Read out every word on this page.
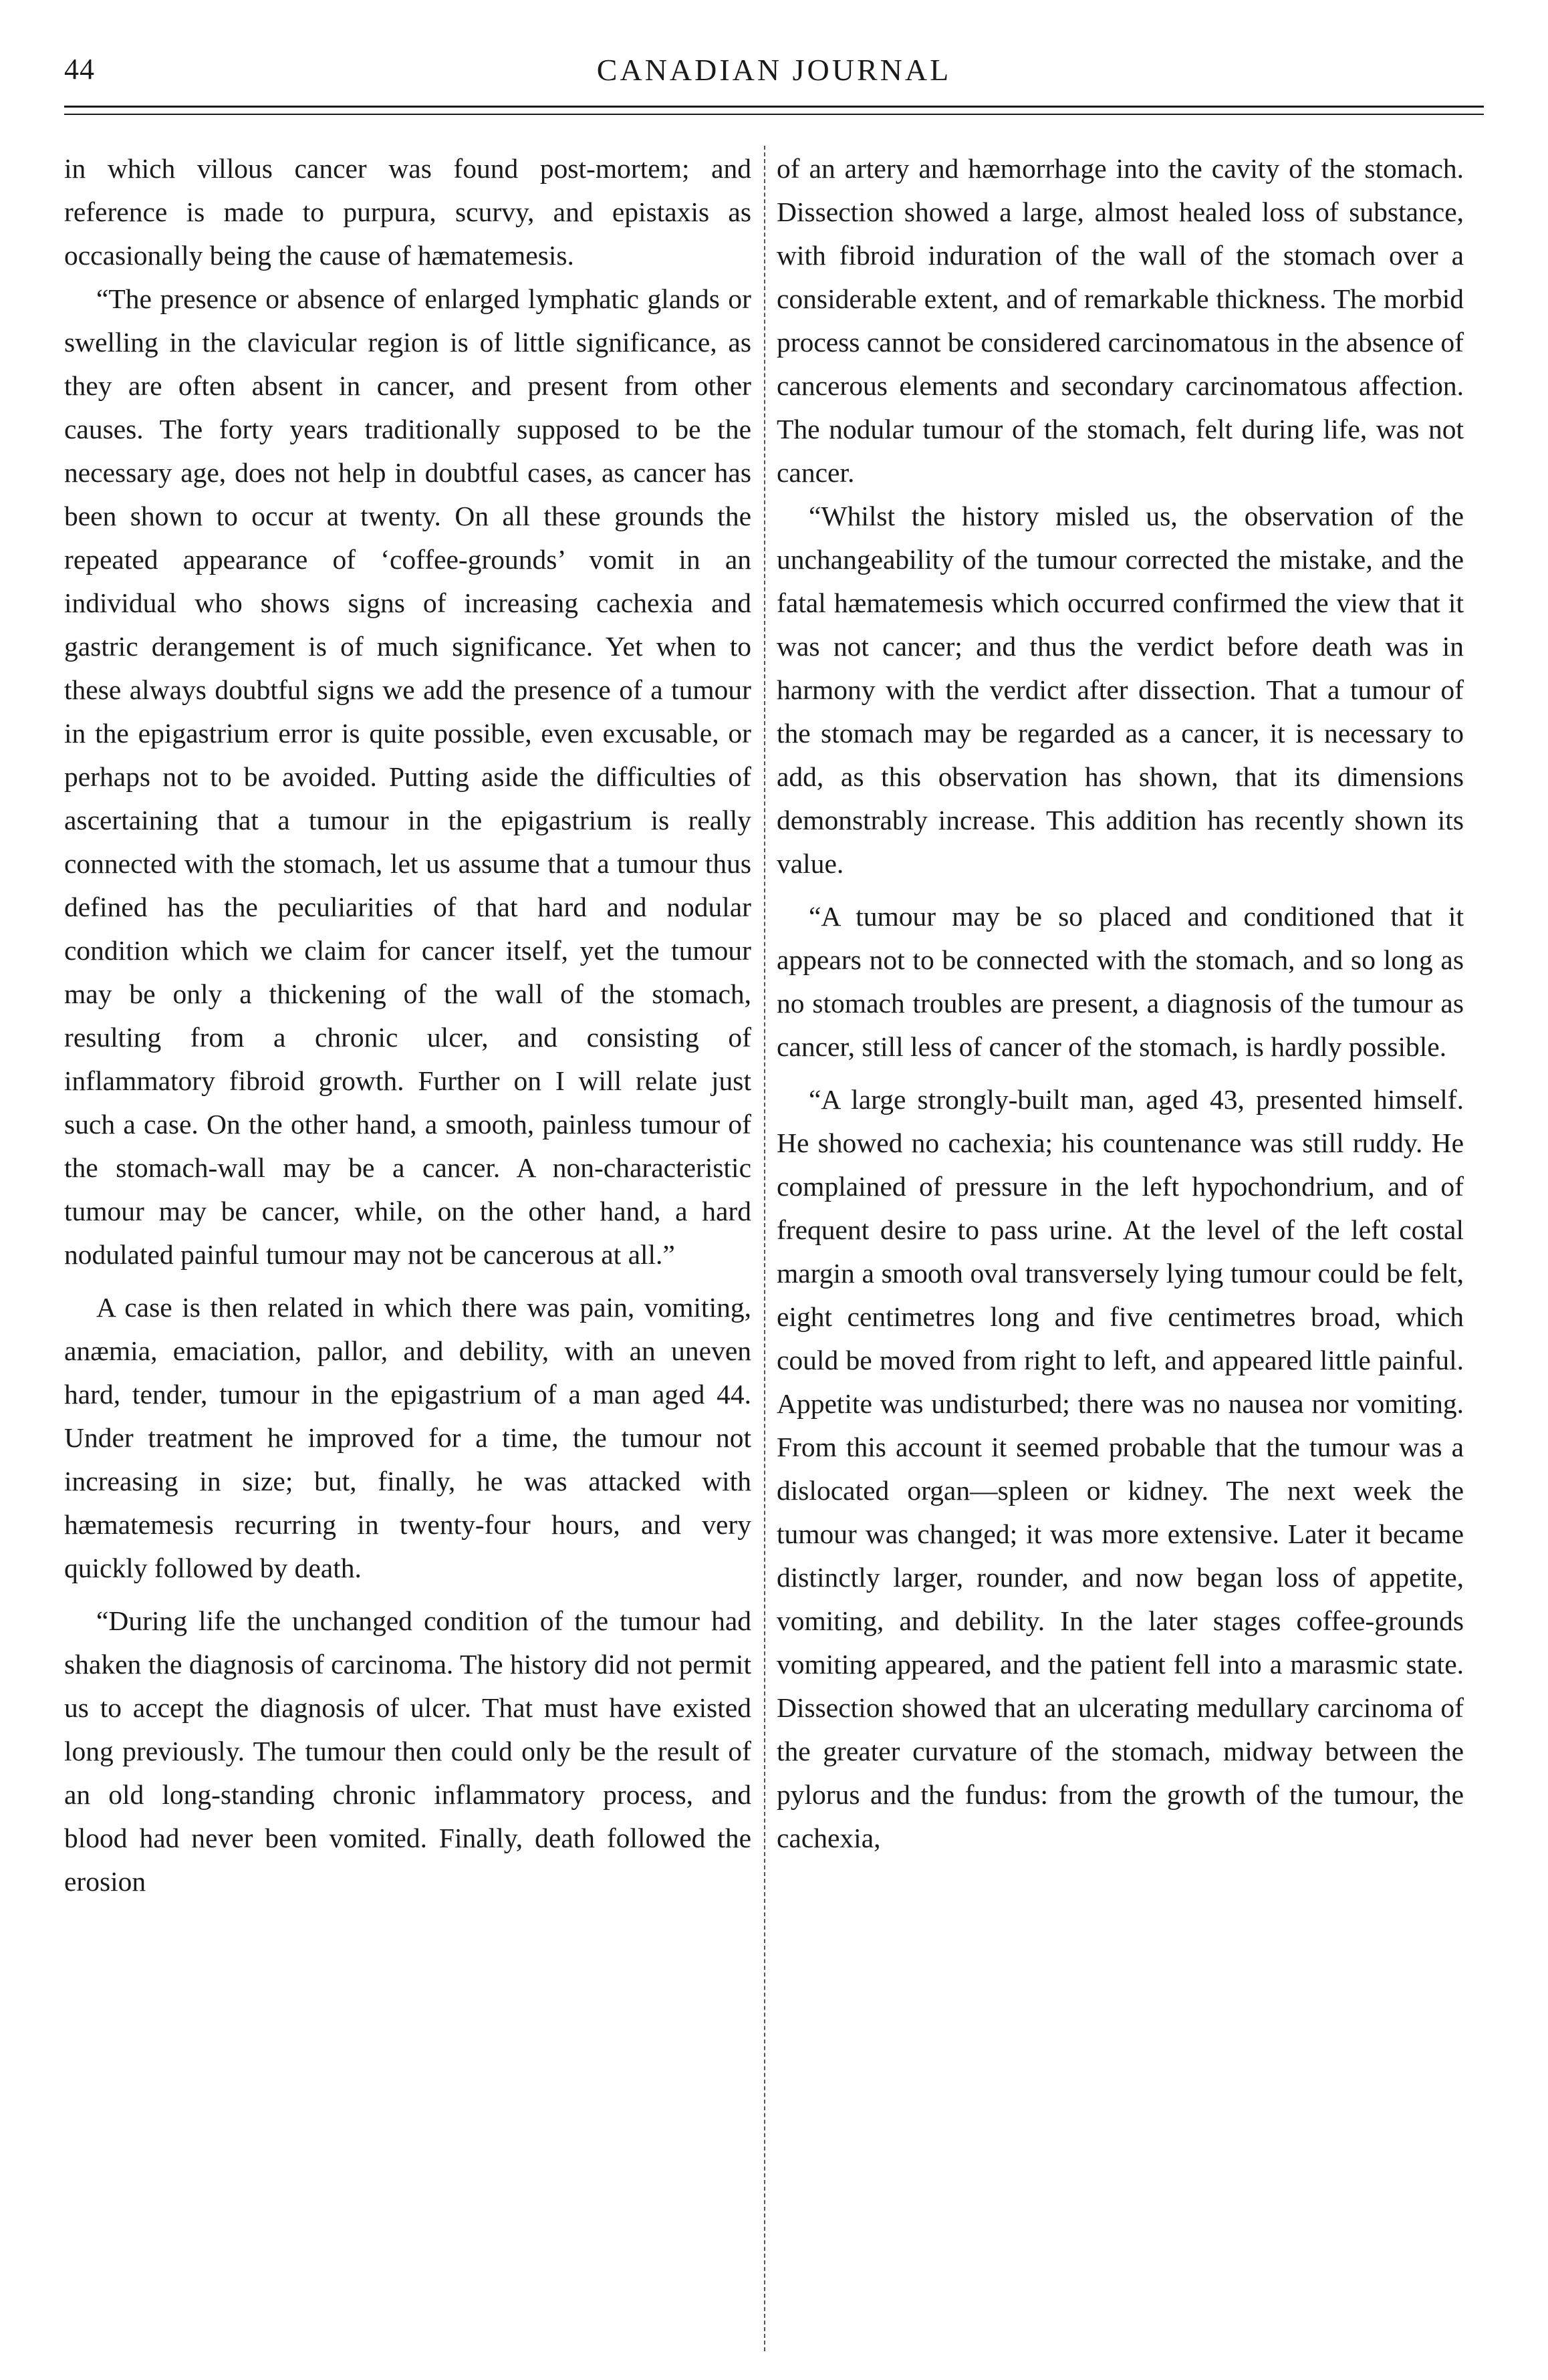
44	CANADIAN JOURNAL

in which villous cancer was found post-mortem; and reference is made to purpura, scurvy, and epistaxis as occasionally being the cause of hæmatemesis.

“The presence or absence of enlarged lymphatic glands or swelling in the clavicular region is of little significance, as they are often absent in cancer, and present from other causes. The forty years traditionally supposed to be the necessary age, does not help in doubtful cases, as cancer has been shown to occur at twenty. On all these grounds the repeated appearance of ‘coffee-grounds’ vomit in an individual who shows signs of increasing cachexia and gastric derangement is of much significance. Yet when to these always doubtful signs we add the presence of a tumour in the epigastrium error is quite possible, even excusable, or perhaps not to be avoided. Putting aside the difficulties of ascertaining that a tumour in the epigastrium is really connected with the stomach, let us assume that a tumour thus defined has the peculiarities of that hard and nodular condition which we claim for cancer itself, yet the tumour may be only a thickening of the wall of the stomach, resulting from a chronic ulcer, and consisting of inflammatory fibroid growth. Further on I will relate just such a case. On the other hand, a smooth, painless tumour of the stomach-wall may be a cancer. A non-characteristic tumour may be cancer, while, on the other hand, a hard nodulated painful tumour may not be cancerous at all.”

A case is then related in which there was pain, vomiting, anæmia, emaciation, pallor, and debility, with an uneven hard, tender, tumour in the epigastrium of a man aged 44. Under treatment he improved for a time, the tumour not increasing in size; but, finally, he was attacked with hæmatemesis recurring in twenty-four hours, and very quickly followed by death.

“During life the unchanged condition of the tumour had shaken the diagnosis of carcinoma. The history did not permit us to accept the diagnosis of ulcer. That must have existed long previously. The tumour then could only be the result of an old long-standing chronic inflammatory process, and blood had never been vomited. Finally, death followed the erosion

of an artery and hæmorrhage into the cavity of the stomach. Dissection showed a large, almost healed loss of substance, with fibroid induration of the wall of the stomach over a considerable extent, and of remarkable thickness. The morbid process cannot be considered carcinomatous in the absence of cancerous elements and secondary carcinomatous affection. The nodular tumour of the stomach, felt during life, was not cancer.

“Whilst the history misled us, the observation of the unchangeability of the tumour corrected the mistake, and the fatal hæmatemesis which occurred confirmed the view that it was not cancer; and thus the verdict before death was in harmony with the verdict after dissection. That a tumour of the stomach may be regarded as a cancer, it is necessary to add, as this observation has shown, that its dimensions demonstrably increase. This addition has recently shown its value.

“A tumour may be so placed and conditioned that it appears not to be connected with the stomach, and so long as no stomach troubles are present, a diagnosis of the tumour as cancer, still less of cancer of the stomach, is hardly possible.

“A large strongly-built man, aged 43, presented himself. He showed no cachexia; his countenance was still ruddy. He complained of pressure in the left hypochondrium, and of frequent desire to pass urine. At the level of the left costal margin a smooth oval transversely lying tumour could be felt, eight centimetres long and five centimetres broad, which could be moved from right to left, and appeared little painful. Appetite was undisturbed; there was no nausea nor vomiting. From this account it seemed probable that the tumour was a dislocated organ—spleen or kidney. The next week the tumour was changed; it was more extensive. Later it became distinctly larger, rounder, and now began loss of appetite, vomiting, and debility. In the later stages coffee-grounds vomiting appeared, and the patient fell into a marasmic state. Dissection showed that an ulcerating medullary carcinoma of the greater curvature of the stomach, midway between the pylorus and the fundus: from the growth of the tumour, the cachexia,
